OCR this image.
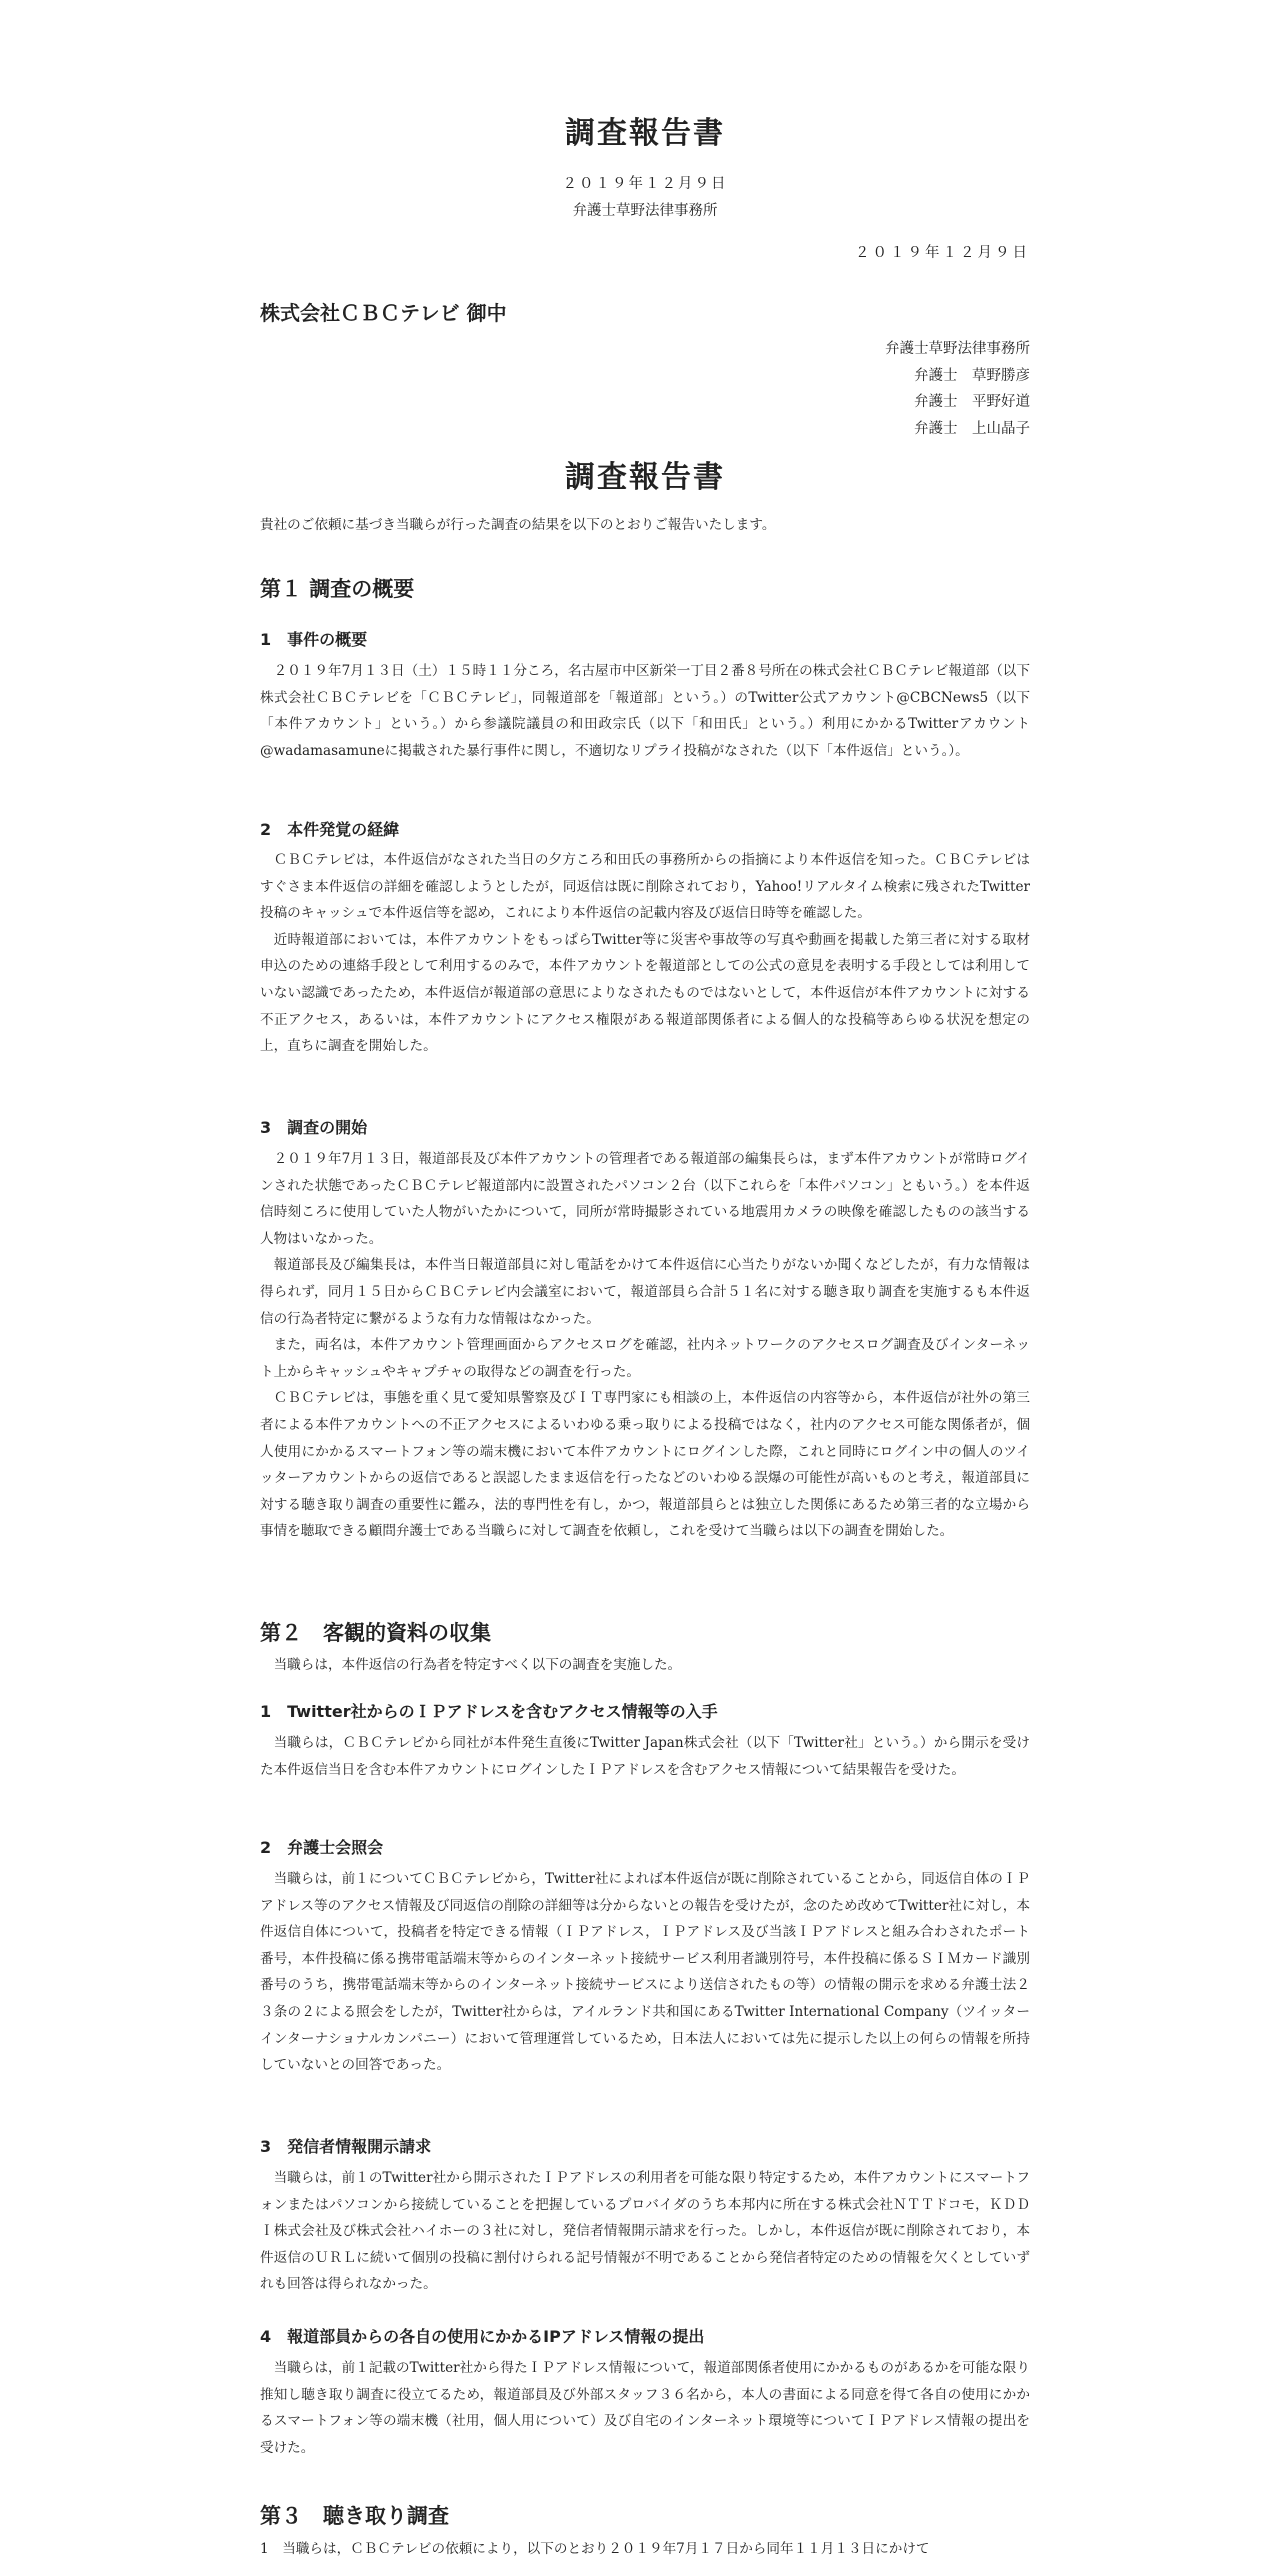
調査報告書
２０１９年１２月９日
弁護士草野法律事務所
２０１９年１２月９日
株式会社ＣＢＣテレビ 御中
弁護士草野法律事務所
弁護士　草野勝彦
弁護士　平野好道
弁護士　上山晶子
調査報告書

貴社のご依頼に基づき当職らが行った調査の結果を以下のとおりご報告いたします。

第１ 調査の概要
1　事件の概要

２０１９年7月１３日（土）１５時１１分ころ，名古屋市中区新栄一丁目２番８号所在の株式会社ＣＢＣテレビ報道部（以下株式会社ＣＢＣテレビを「ＣＢＣテレビ」，同報道部を「報道部」という。）のTwitter公式アカウント@CBCNews5（以下「本件アカウント」という。）から参議院議員の和田政宗氏（以下「和田氏」という。）利用にかかるTwitterアカウント@wadamasamuneに掲載された暴行事件に関し，不適切なリプライ投稿がなされた（以下「本件返信」という。）。

2　本件発覚の経緯

ＣＢＣテレビは，本件返信がなされた当日の夕方ころ和田氏の事務所からの指摘により本件返信を知った。ＣＢＣテレビはすぐさま本件返信の詳細を確認しようとしたが，同返信は既に削除されており，Yahoo!リアルタイム検索に残されたTwitter投稿のキャッシュで本件返信等を認め，これにより本件返信の記載内容及び返信日時等を確認した。

近時報道部においては，本件アカウントをもっぱらTwitter等に災害や事故等の写真や動画を掲載した第三者に対する取材申込のための連絡手段として利用するのみで，本件アカウントを報道部としての公式の意見を表明する手段としては利用していない認識であったため，本件返信が報道部の意思によりなされたものではないとして，本件返信が本件アカウントに対する不正アクセス，あるいは，本件アカウントにアクセス権限がある報道部関係者による個人的な投稿等あらゆる状況を想定の上，直ちに調査を開始した。

3　調査の開始

２０１９年7月１３日，報道部長及び本件アカウントの管理者である報道部の編集長らは，まず本件アカウントが常時ログインされた状態であったＣＢＣテレビ報道部内に設置されたパソコン２台（以下これらを「本件パソコン」ともいう。）を本件返信時刻ころに使用していた人物がいたかについて，同所が常時撮影されている地震用カメラの映像を確認したものの該当する人物はいなかった。

報道部長及び編集長は，本件当日報道部員に対し電話をかけて本件返信に心当たりがないか聞くなどしたが，有力な情報は得られず，同月１５日からＣＢＣテレビ内会議室において，報道部員ら合計５１名に対する聴き取り調査を実施するも本件返信の行為者特定に繋がるような有力な情報はなかった。

また，両名は，本件アカウント管理画面からアクセスログを確認，社内ネットワークのアクセスログ調査及びインターネット上からキャッシュやキャプチャの取得などの調査を行った。

ＣＢＣテレビは，事態を重く見て愛知県警察及びＩＴ専門家にも相談の上，本件返信の内容等から，本件返信が社外の第三者による本件アカウントへの不正アクセスによるいわゆる乗っ取りによる投稿ではなく，社内のアクセス可能な関係者が，個人使用にかかるスマートフォン等の端末機において本件アカウントにログインした際，これと同時にログイン中の個人のツイッターアカウントからの返信であると誤認したまま返信を行ったなどのいわゆる誤爆の可能性が高いものと考え，報道部員に対する聴き取り調査の重要性に鑑み，法的専門性を有し，かつ，報道部員らとは独立した関係にあるため第三者的な立場から事情を聴取できる顧問弁護士である当職らに対して調査を依頼し，これを受けて当職らは以下の調査を開始した。

第２　客観的資料の収集

当職らは，本件返信の行為者を特定すべく以下の調査を実施した。

1　Twitter社からのＩＰアドレスを含むアクセス情報等の入手

当職らは，ＣＢＣテレビから同社が本件発生直後にTwitter Japan株式会社（以下「Twitter社」という。）から開示を受けた本件返信当日を含む本件アカウントにログインしたＩＰアドレスを含むアクセス情報について結果報告を受けた。

2　弁護士会照会

当職らは，前１についてＣＢＣテレビから，Twitter社によれば本件返信が既に削除されていることから，同返信自体のＩＰアドレス等のアクセス情報及び同返信の削除の詳細等は分からないとの報告を受けたが，念のため改めてTwitter社に対し，本件返信自体について，投稿者を特定できる情報（ＩＰアドレス，ＩＰアドレス及び当該ＩＰアドレスと組み合わされたポート番号，本件投稿に係る携帯電話端末等からのインターネット接続サービス利用者識別符号，本件投稿に係るＳＩＭカード識別番号のうち，携帯電話端末等からのインターネット接続サービスにより送信されたもの等）の情報の開示を求める弁護士法２３条の２による照会をしたが，Twitter社からは，アイルランド共和国にあるTwitter International Company（ツイッターインターナショナルカンパニー）において管理運営しているため，日本法人においては先に提示した以上の何らの情報を所持していないとの回答であった。

3　発信者情報開示請求

当職らは，前１のTwitter社から開示されたＩＰアドレスの利用者を可能な限り特定するため，本件アカウントにスマートフォンまたはパソコンから接続していることを把握しているプロバイダのうち本邦内に所在する株式会社ＮＴＴドコモ，ＫＤＤＩ株式会社及び株式会社ハイホーの３社に対し，発信者情報開示請求を行った。しかし，本件返信が既に削除されており，本件返信のＵＲＬに続いて個別の投稿に割付けられる記号情報が不明であることから発信者特定のための情報を欠くとしていずれも回答は得られなかった。

4　報道部員からの各自の使用にかかるIPアドレス情報の提出

当職らは，前１記載のTwitter社から得たＩＰアドレス情報について，報道部関係者使用にかかるものがあるかを可能な限り推知し聴き取り調査に役立てるため，報道部員及び外部スタッフ３６名から，本人の書面による同意を得て各自の使用にかかるスマートフォン等の端末機（社用，個人用について）及び自宅のインターネット環境等についてＩＰアドレス情報の提出を受けた。

第３　聴き取り調査

1　当職らは，ＣＢＣテレビの依頼により，以下のとおり２０１９年7月１７日から同年１１月１３日にかけて
